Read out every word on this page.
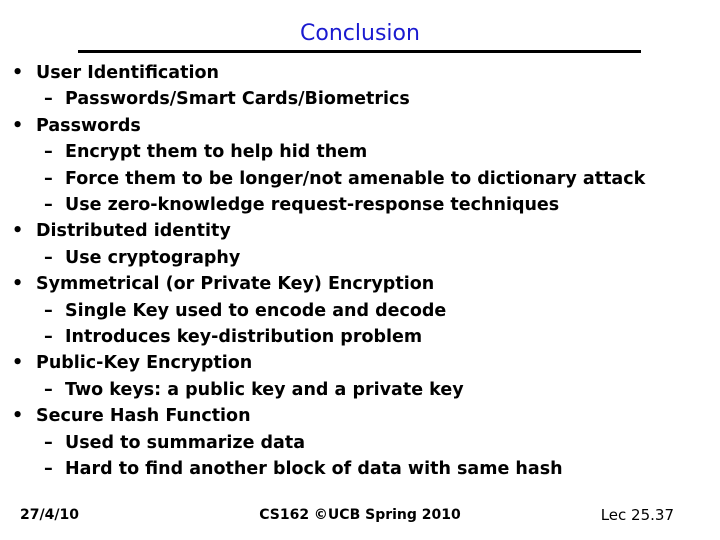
Conclusion
• User Identification
– Passwords/Smart Cards/Biometrics
• Passwords
– Encrypt them to help hid them
– Force them to be longer/not amenable to dictionary attack
– Use zero-knowledge request-response techniques
• Distributed identity
– Use cryptography
• Symmetrical (or Private Key) Encryption
– Single Key used to encode and decode
– Introduces key-distribution problem
• Public-Key Encryption
– Two keys: a public key and a private key
• Secure Hash Function
– Used to summarize data
– Hard to find another block of data with same hash
27/4/10	CS162 ©UCB Spring 2010	Lec 25.37
